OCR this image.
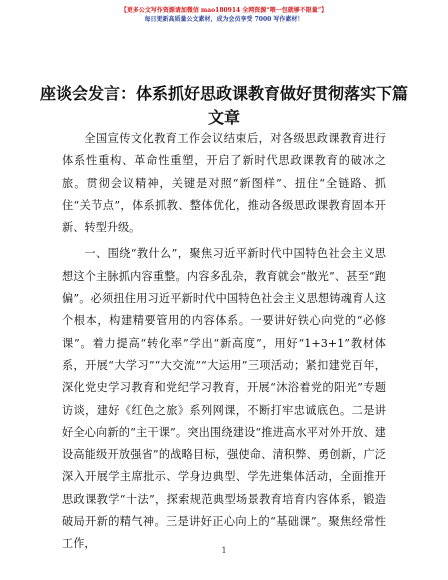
【更多公文写作资源请加微信 mao180914 全网资源“喂一包就够不限量”】
每日更新高质量公文素材，成为会员享受 7000 写作素材！
座谈会发言：体系抓好思政课教育做好贯彻落实下篇文章

全国宣传文化教育工作会议结束后，对各级思政课教育进行体系性重构、革命性重塑，开启了新时代思政课教育的破冰之旅。贯彻会议精神，关键是对照“新图样”、扭住“全链路、抓住“关节点”，体系抓教、整体优化，推动各级思政课教育固本开新、转型升级。

一、围绕“教什么”，聚焦习近平新时代中国特色社会主义思想这个主脉抓内容重整。内容多乱杂，教育就会“散光”、甚至“跑偏”。必须扭住用习近平新时代中国特色社会主义思想铸魂育人这个根本，构建精要管用的内容体系。一要讲好铁心向党的“必修课”。着力提高“转化率”学出“新高度”，用好“1+3+1”教材体系，开展“大学习”“大交流”“大运用”三项活动；紧扣建党百年，深化党史学习教育和党纪学习教育，开展“沐浴着党的阳光”专题访谈，建好《红色之旅》系列网课，不断打牢忠诚底色。二是讲好全心向新的“主干课”。突出围绕建设“推进高水平对外开放、建设高能级开放强省”的战略目标，强使命、清积弊、勇创新，广泛深入开展学主席批示、学身边典型、学先进集体活动，全面推开思政课教学“十法”，探索规范典型场景教育培育内容体系，锻造破局开新的精气神。三是讲好正心向上的“基础课”。聚焦经常性工作，

1
